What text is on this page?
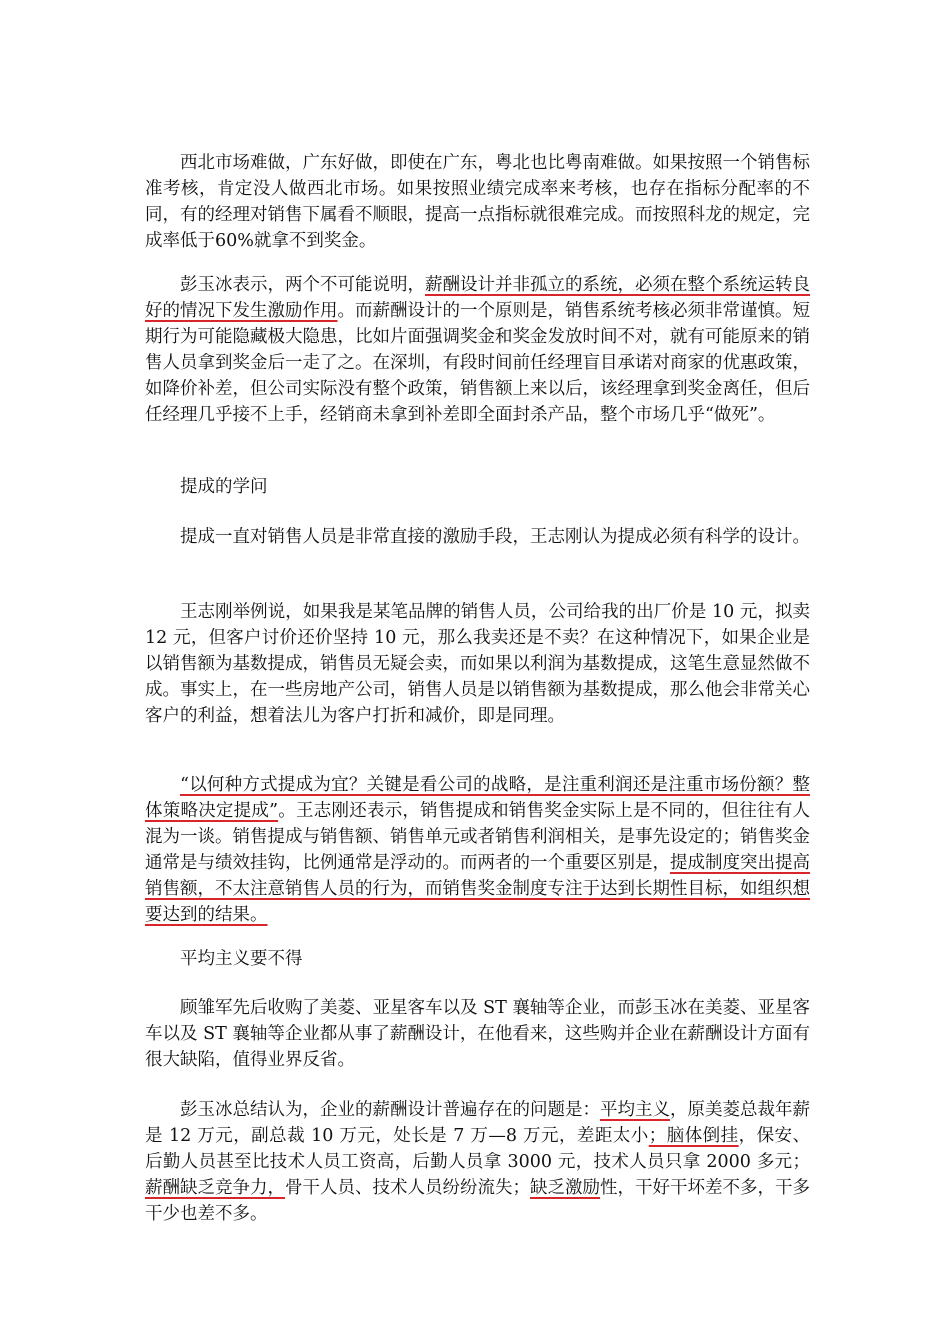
西北市场难做，广东好做，即使在广东，粤北也比粤南难做。如果按照一个销售标准考核，肯定没人做西北市场。如果按照业绩完成率来考核，也存在指标分配率的不同，有的经理对销售下属看不顺眼，提高一点指标就很难完成。而按照科龙的规定，完成率低于60%就拿不到奖金。

彭玉冰表示，两个不可能说明，薪酬设计并非孤立的系统，必须在整个系统运转良好的情况下发生激励作用。而薪酬设计的一个原则是，销售系统考核必须非常谨慎。短期行为可能隐藏极大隐患，比如片面强调奖金和奖金发放时间不对，就有可能原来的销售人员拿到奖金后一走了之。在深圳，有段时间前任经理盲目承诺对商家的优惠政策，如降价补差，但公司实际没有整个政策，销售额上来以后，该经理拿到奖金离任，但后任经理几乎接不上手，经销商未拿到补差即全面封杀产品，整个市场几乎“做死”。

提成的学问

提成一直对销售人员是非常直接的激励手段，王志刚认为提成必须有科学的设计。

王志刚举例说，如果我是某笔品牌的销售人员，公司给我的出厂价是 10 元，拟卖 12 元，但客户讨价还价坚持 10 元，那么我卖还是不卖？在这种情况下，如果企业是以销售额为基数提成，销售员无疑会卖，而如果以利润为基数提成，这笔生意显然做不成。事实上，在一些房地产公司，销售人员是以销售额为基数提成，那么他会非常关心客户的利益，想着法儿为客户打折和减价，即是同理。

“以何种方式提成为宜？关键是看公司的战略，是注重利润还是注重市场份额？整体策略决定提成”。王志刚还表示，销售提成和销售奖金实际上是不同的，但往往有人混为一谈。销售提成与销售额、销售单元或者销售利润相关，是事先设定的；销售奖金通常是与绩效挂钩，比例通常是浮动的。而两者的一个重要区别是，提成制度突出提高销售额，不太注意销售人员的行为，而销售奖金制度专注于达到长期性目标，如组织想要达到的结果。

平均主义要不得

顾雏军先后收购了美菱、亚星客车以及 ST 襄轴等企业，而彭玉冰在美菱、亚星客车以及 ST 襄轴等企业都从事了薪酬设计，在他看来，这些购并企业在薪酬设计方面有很大缺陷，值得业界反省。

彭玉冰总结认为，企业的薪酬设计普遍存在的问题是：平均主义，原美菱总裁年薪是 12 万元，副总裁 10 万元，处长是 7 万—8 万元，差距太小；脑体倒挂，保安、后勤人员甚至比技术人员工资高，后勤人员拿 3000 元，技术人员只拿 2000 多元；薪酬缺乏竞争力，骨干人员、技术人员纷纷流失；缺乏激励性，干好干坏差不多，干多干少也差不多。
